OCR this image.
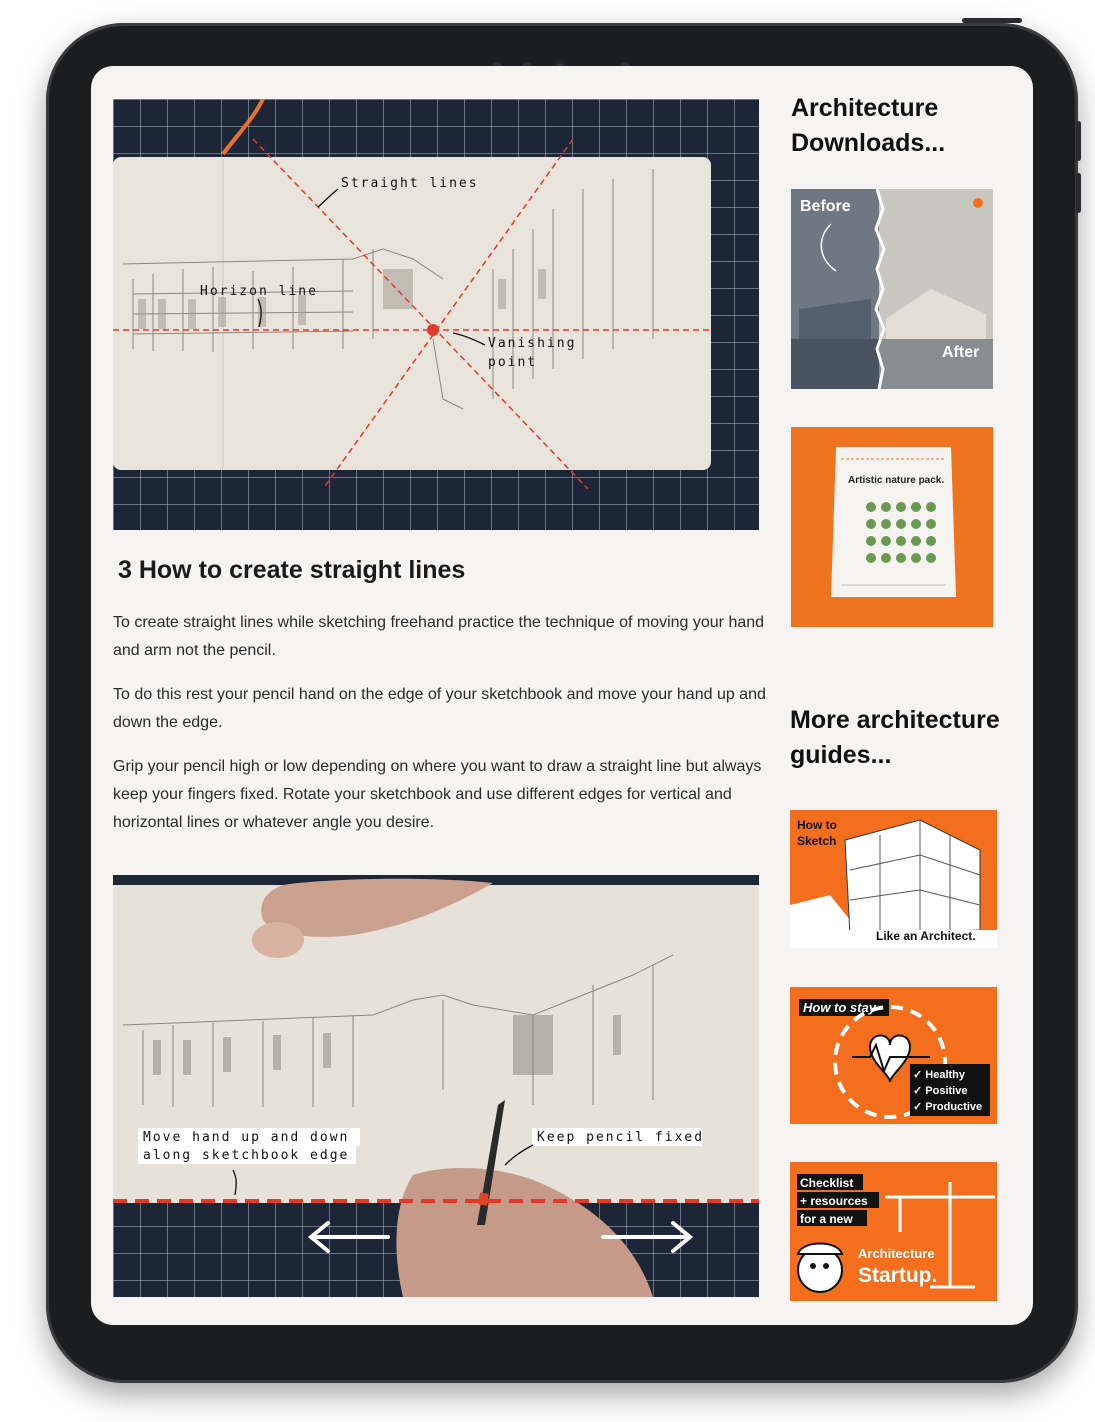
Straight lines
Horizon line
Vanishing
point
3 How to create straight lines

To create straight lines while sketching freehand practice the technique of moving your hand and arm not the pencil.

To do this rest your pencil hand on the edge of your sketchbook and move your hand up and down the edge.

Grip your pencil high or low depending on where you want to draw a straight line but always keep your fingers fixed. Rotate your sketchbook and use different edges for vertical and horizontal lines or whatever angle you desire.

Move hand up and down
along sketchbook edge
Keep pencil fixed
Architecture
Downloads...
Before
After
Artistic nature pack.
More architecture
guides...
How to
Sketch
Like an Architect.
How to stay
✓ Healthy
✓ Positive
✓ Productive
Checklist
+ resources
for a new
Architecture
Startup.
